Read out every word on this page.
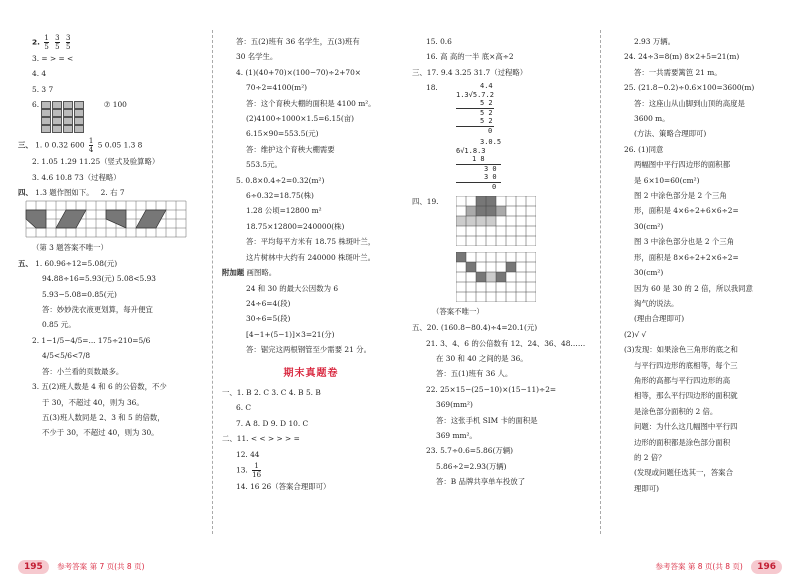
2. $\frac{1}{5} \frac{3}{5} \frac{3}{5}$
3. = > = <
4. 4
5. 3 7
6.	⑦ 100
三、 1. 0 0.32 $600 \frac{1}{4} 5$ 0.05 1.3 8
2. 1.05 1.29 11.25（竖式及验算略）
3. 4.6 10.8 73（过程略）
四、 1.3 题作图如下。 2. 右 7
（第 3 题答案不唯一）
五、 1. 60.96÷12=5.08(元)
94.88÷16=5.93(元) 5.08<5.93
5.93−5.08=0.85(元)
答：妙妙洗衣液更划算，每升便宜
0.85 元。
2. 1−1/5−4/5=... 175÷210=5/6
4/5<5/6<7/8
答：小兰看的页数最多。
3. 五(2)班人数是 4 和 6 的公倍数，不少
于 30，不超过 40，则为 36。
五(3)班人数同是 2、3 和 5 的倍数，
不少于 30，不超过 40，则为 30。
答：五(2)班有 36 名学生，五(3)班有
30 名学生。
4. (1)(40+70)×(100−70)÷2+70×
70÷2=4100(m²)
答：这个育秧大棚的面积是 4100 m²。
(2)4100÷1000×1.5=6.15(亩)
6.15×90=553.5(元)
答：维护这个育秧大棚需要
553.5元。
5. 0.8×0.4÷2=0.32(m²)
6÷0.32=18.75(株)
1.28 公顷=12800 m²
18.75×12800=240000(株)
答：平均每平方米有 18.75 株斑叶兰，
这片树林中大约有 240000 株斑叶兰。
附加题 画图略。
24 和 30 的最大公因数为 6
24÷6=4(段)
30÷6=5(段)
[4−1+(5−1)]×3=21(分)
答：锯完这两根钢管至少需要 21 分。
期末真题卷
一、1. B 2. C 3. C 4. B 5. B
6. C
7. A 8. D 9. D 10. C
二、11. < < > > > =
12. 44
13. $\frac{1}{16}$
14. 16 26（答案合理即可）
15. 0.6
16. 高 高的一半 底×高÷2
三、17. 9.4 3.25 31.7（过程略）
18.	4.4
1.3√5.7.2
5 2
5 2
5 2
0
3.0.5
6√1.8.3
1 8
3 0
3 0
0
四、19.
（答案不唯一）
五、20. (160.8−80.4)÷4=20.1(元)
21. 3、4、6 的公倍数有 12、24、36、48……
在 30 和 40 之间的是 36。
答：五(1)班有 36 人。
22. 25×15−(25−10)×(15−11)÷2=
369(mm²)
答：这张手机 SIM 卡的面积是
369 mm²。
23. 5.7÷0.6=5.86(万辆)
5.86÷2=2.93(万辆)
答：B 品牌共享单车投放了
2.93 万辆。
24. 24÷3=8(m) 8×2+5=21(m)
答：一共需要篱笆 21 m。
25. (21.8−0.2)÷0.6×100=3600(m)
答：这座山从山脚到山顶的高度是
3600 m。
(方法、策略合理即可)
26. (1)同意
两幅图中平行四边形的面积都
是 6×10=60(cm²)
图 2 中涂色部分是 2 个三角
形，面积是 4×6÷2+6×6÷2=
30(cm²)
图 3 中涂色部分也是 2 个三角
形，面积是 8×6÷2+2×6÷2=
30(cm²)
因为 60 是 30 的 2 倍，所以我同意
淘气的说法。
(理由合理即可)
(2)√ √
(3)发现：如果涂色三角形的底之和
与平行四边形的底相等，每个三
角形的高都与平行四边形的高
相等，那么平行四边形的面积就
是涂色部分面积的 2 倍。
问题：为什么这几幅图中平行四
边形的面积都是涂色部分面积
的 2 倍？
(发现或问题任选其一，答案合
理即可)
195 参考答案 第 7 页(共 8 页)	参考答案 第 8 页(共 8 页) 196
